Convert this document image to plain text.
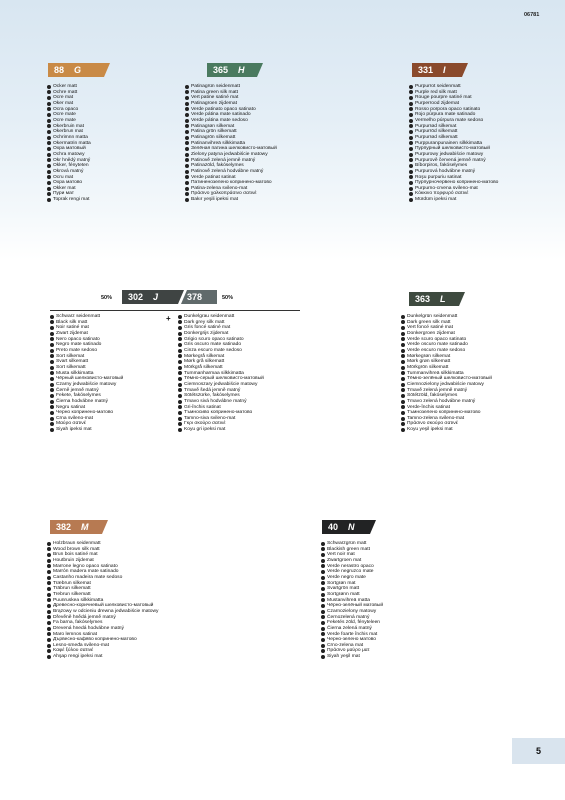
06781
88	G
Ocker matt
Ochre matt
Ocre mat
Oker mat
Ocra opaco
Ocre mate
Ocre mate
Okerbruin mat
Okerbrun mat
Ochrimnn matta
Okermatrin matta
Охра матовый
Ochra matowy
Okr hnědý matný
Okker, fényteten
Okrová matný
Ocru mat
Охра матово
Okker mat
Пури мат
Toprak rengi mat
365	H
Patinagrün seidenmatt
Patina green silk matt
Vert patine satiné mat
Patinagroen zijdemat
Verde patinato opaco satinato
Verde pátina mate satinado
Verde pátina mate sedoso
Patinagrøn silkemat
Patina grön silkematt
Patinagrön silkematt
Patinanvihreä silkkimatta
Зелёная патина шелковисто-матовый
Zielony patyna jedwabiście matowy
Patinově zelená jemně matný
Patinazöld, fakóselymes
Patinově zelená hodvábne matný
Verde patinat satinat
Патиненозелено копринено-матово
Patina-zelena svileno-mat
Πράσινο χαλκοπράσινο σατινέ
Bakır yeşili ipeksi mat
331	I
Purpurrot seidenmatt
Purple red silk matt
Rouge pourpre satiné mat
Purperrood zijdemat
Rosso porpora opaco satinato
Rojo púrpura mate satinado
Vermelho púrpura mate sedoso
Purpurrød silkemat
Purpurröd silkematt
Purpurrød silkematt
Purppuranpunainen silkkimatta
Пурпурный шелковисто-матовый
Purpurowy jedwabiście matowy
Purpurově červená jemně matný
Bíborpiros, fakóselymes
Purpurová hodvábne matný
Roşu purpuriu satinat
Пурпурночервено копринено-матово
Purpurno-crvena svileno-mat
Κόκκινο πορφυρό σατινέ
Mürdüm ipeksi mat
50%	302	J	378	50%
+
Schwarz seidenmatt
Black silk matt
Noir satiné mat
Zwart zijdemat
Nero opaco satinato
Negro mate satinado
Preto mate sedoso
Sort silkemat
Svart silkematt
Sort silkematt
Musta silkkimatta
Чёрный шелковисто-матовый
Czarny jedwabiście matowy
Černě jemně matný
Fekete, fakóselymes
Čierna hodvábne matný
Negru satinat
Черно копринено-матово
Crna svileno-mat
Μαύρο σατινέ
Siyah ipeksi mat
Dunkelgrau seidenmatt
Dark grey silk matt
Gris foncé satiné mat
Donkergrijs zijdemat
Grigio scuro opaco satinato
Gris oscuro mate satinado
Cinza escuro mate sedoso
Mørkegrå silkemat
Mørk grå silkematt
Mörkgrå silkematt
Tummanharmaa silkkimatta
Тёмно-серый шелковисто-матовый
Ciemnoszary jedwabiście matowy
Tmavě šedá jemně matný
Sötétszürke, fakóselymes
Tmavo sivá hodvábne matný
Gri-închis satinat
Тъмносиво копринено-матово
Tamno-siva svileno-mat
Γκρι σκούρο σατινέ
Koyu gri ipeksi mat
363	L
Dunkelgrün seidenmatt
Dark green silk matt
Vert foncé satiné mat
Donkergroen zijdemat
Verde scuro opaco satinato
Verde oscuro mate satinado
Verde escuro mate sedoso
Mørkegrøn silkemat
Mørk grøn silkematt
Mörkgrön silkematt
Tummanvihreä silkkimatta
Тёмно-зелёный шелковисто-матовый
Ciemnozielony jedwabiście matowy
Tmavě zelená jemně matný
Sötétzöld, fakóselymes
Tmavo zelená hodvábne matný
Verde-închis satinat
Тъмнозелено копринено-матово
Tamno-zelena svileno-mat
Πράσινο σκούρο σατινέ
Koyu yeşil ipeksi mat
382	M
Holzbraun seidenmatt
Wood brown silk matt
Brun bois satiné mat
Houtbruin zijdemat
Marrone legno opaco satinato
Marrón madera mate satinado
Castanho madeira mate sedoso
Træbrun silkemat
Träbrun silkematt
Trebrun silkematt
Puunruskea silkkimatta
Древесно-коричневый шелковисто-матовый
Brązowy w odcieniu drewna jedwabiście matowy
Dřevěně hnědá jemně matný
Fa barna, fakóselymes
Drevená hnedá hodvábne matný
Maro lemnos satinat
Дървесно-кафяво копринено-матово
Lesno-smeđa svileno-mat
Καφέ ξύλου σατινέ
Ahşap rengi ipeksi mat
40	N
Schwarzgrün matt
Blackish green matt
Vert noir mat
Zwartgroen mat
Verde nerastro opaco
Verde negruzco mate
Verde negro mate
Sortgrøn mat
Svartgrön matt
Sortgrønn matt
Mustanvihreä matta
Чёрно-зелёный матовый
Czarnozielony matowy
Černozelená matný
Feketés zöld, fényteleen
Čierna zelená matný
Verde foarte închis mat
Черно-зелено матово
Crno-zelena mat
Πράσινο μαύρο ματ
Siyah yeşil mat
5
